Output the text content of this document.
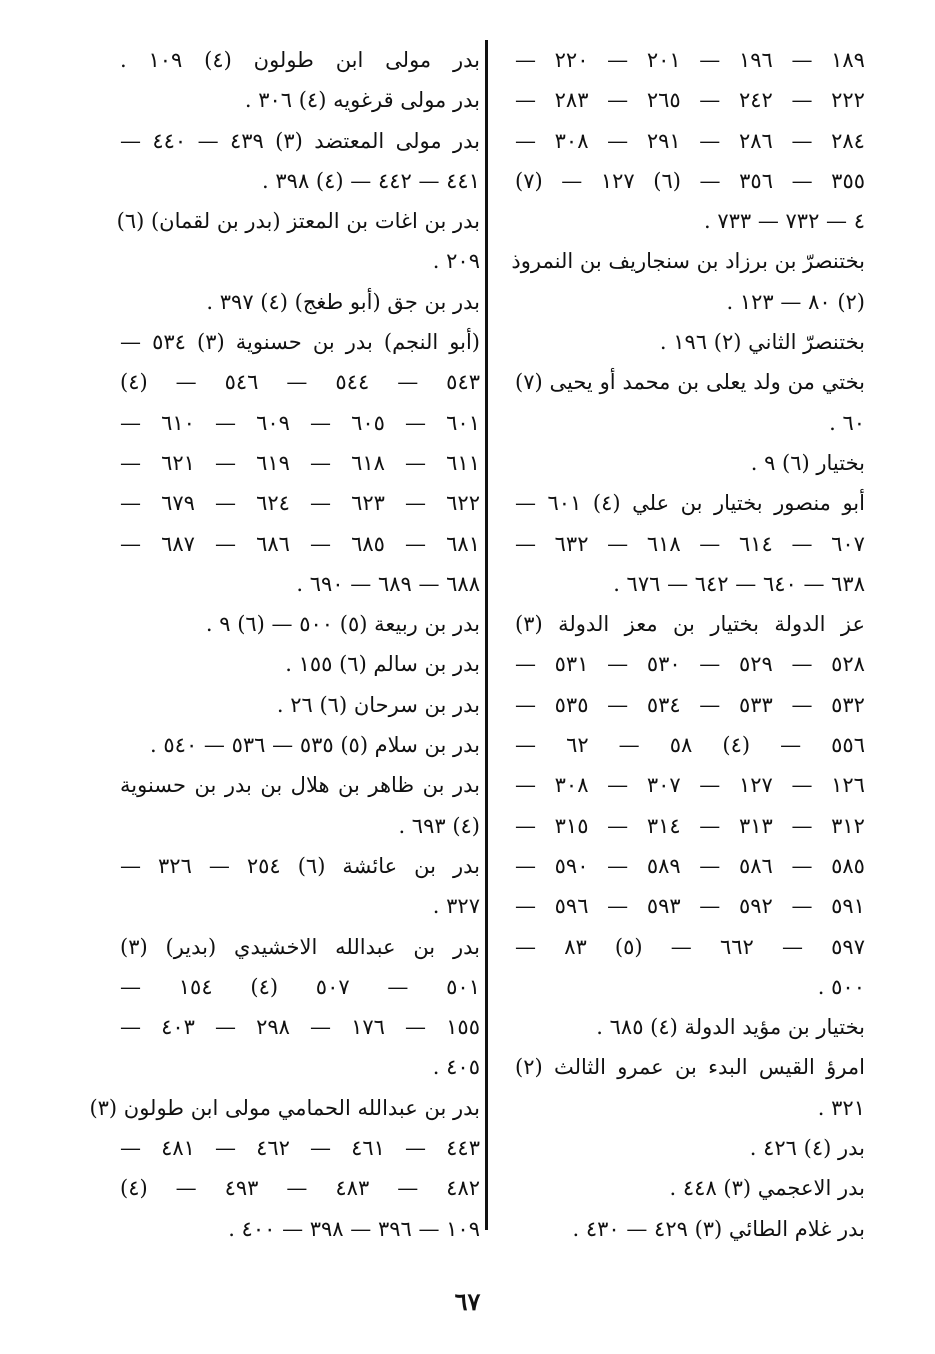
١٨٩ — ١٩٦ — ٢٠١ — ٢٢٠ —
٢٢٢ — ٢٤٢ — ٢٦٥ — ٢٨٣ —
٢٨٤ — ٢٨٦ — ٢٩١ — ٣٠٨ —
٣٥٥ — ٣٥٦ — (٦) ١٢٧ — (٧)
٤ — ٧٣٢ — ٧٣٣ .
بختنصرّ بن برزاد بن سنجاريف بن النمروذ
(٢) ٨٠ — ١٢٣ .
بختنصرّ الثاني (٢) ١٩٦ .
بختي من ولد يعلى بن محمد أو يحيى (٧)
٦٠ .
بختيار (٦) ٩ .
أبو منصور بختيار بن علي (٤) ٦٠١ —
٦٠٧ — ٦١٤ — ٦١٨ — ٦٣٢ —
٦٣٨ — ٦٤٠ — ٦٤٢ — ٦٧٦ .
عز الدولة بختيار بن معز الدولة (٣)
٥٢٨ — ٥٢٩ — ٥٣٠ — ٥٣١ —
٥٣٢ — ٥٣٣ — ٥٣٤ — ٥٣٥ —
٥٥٦ — (٤) ٥٨ — ٦٢ —
١٢٦ — ١٢٧ — ٣٠٧ — ٣٠٨ —
٣١٢ — ٣١٣ — ٣١٤ — ٣١٥ —
٥٨٥ — ٥٨٦ — ٥٨٩ — ٥٩٠ —
٥٩١ — ٥٩٢ — ٥٩٣ — ٥٩٦ —
٥٩٧ — ٦٦٢ — (٥) ٨٣ —
٥٠٠ .
بختيار بن مؤيد الدولة (٤) ٦٨٥ .
امرؤ القيس البدء بن عمرو الثالث (٢)
٣٢١ .
بدر (٤) ٤٢٦ .
بدر الاعجمي (٣) ٤٤٨ .
بدر غلام الطائي (٣) ٤٢٩ — ٤٣٠ .
بدر مولى ابن طولون (٤) ١٠٩ .
بدر مولى قرغويه (٤) ٣٠٦ .
بدر مولى المعتضد (٣) ٤٣٩ — ٤٤٠ —
٤٤١ — ٤٤٢ — (٤) ٣٩٨ .
بدر بن اغات بن المعتز (بدر بن لقمان) (٦)
٢٠٩ .
بدر بن جق (أبو طغج) (٤) ٣٩٧ .
(أبو النجم) بدر بن حسنوية (٣) ٥٣٤ —
٥٤٣ — ٥٤٤ — ٥٤٦ — (٤)
٦٠١ — ٦٠٥ — ٦٠٩ — ٦١٠ —
٦١١ — ٦١٨ — ٦١٩ — ٦٢١ —
٦٢٢ — ٦٢٣ — ٦٢٤ — ٦٧٩ —
٦٨١ — ٦٨٥ — ٦٨٦ — ٦٨٧ —
٦٨٨ — ٦٨٩ — ٦٩٠ .
بدر بن ربيعة (٥) ٥٠٠ — (٦) ٩ .
بدر بن سالم (٦) ١٥٥ .
بدر بن سرحان (٦) ٢٦ .
بدر بن سلام (٥) ٥٣٥ — ٥٣٦ — ٥٤٠ .
بدر بن ظاهر بن هلال بن بدر بن حسنوية
(٤) ٦٩٣ .
بدر بن عائشة (٦) ٢٥٤ — ٣٢٦ —
٣٢٧ .
بدر بن عبدالله الاخشيدي (بدير) (٣)
٥٠١ — ٥٠٧ (٤) ١٥٤ —
١٥٥ — ١٧٦ — ٢٩٨ — ٤٠٣ —
٤٠٥ .
بدر بن عبدالله الحمامي مولى ابن طولون (٣)
٤٤٣ — ٤٦١ — ٤٦٢ — ٤٨١ —
٤٨٢ — ٤٨٣ — ٤٩٣ — (٤)
١٠٩ — ٣٩٦ — ٣٩٨ — ٤٠٠ .
٦٧
